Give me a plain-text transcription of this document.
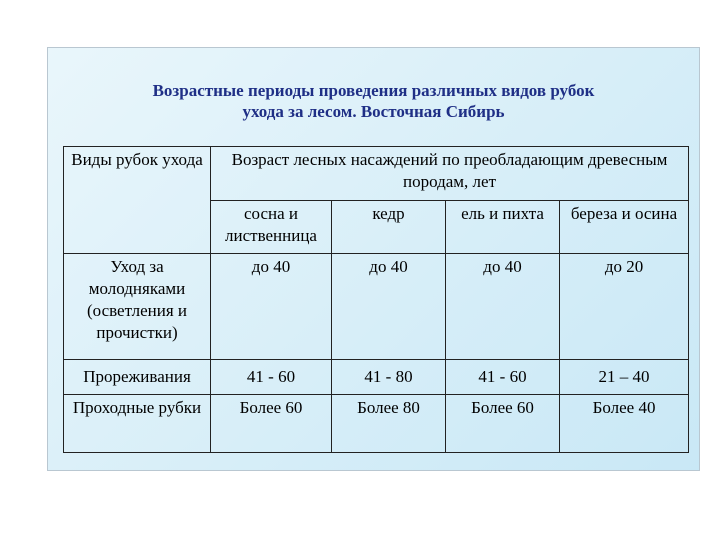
Возрастные периоды проведения различных видов рубок
ухода за лесом. Восточная Сибирь
Виды рубок ухода	Возраст лесных насаждений по преобладающим древесным породам, лет			
	сосна и лиственница	кедр	ель и пихта	береза и осина
Уход за молодняками (осветления и прочистки)	до 40	до 40	до 40	до 20
Прореживания	41 - 60	41 - 80	41 - 60	21 – 40
Проходные рубки	Более 60	Более 80	Более 60	Более 40
